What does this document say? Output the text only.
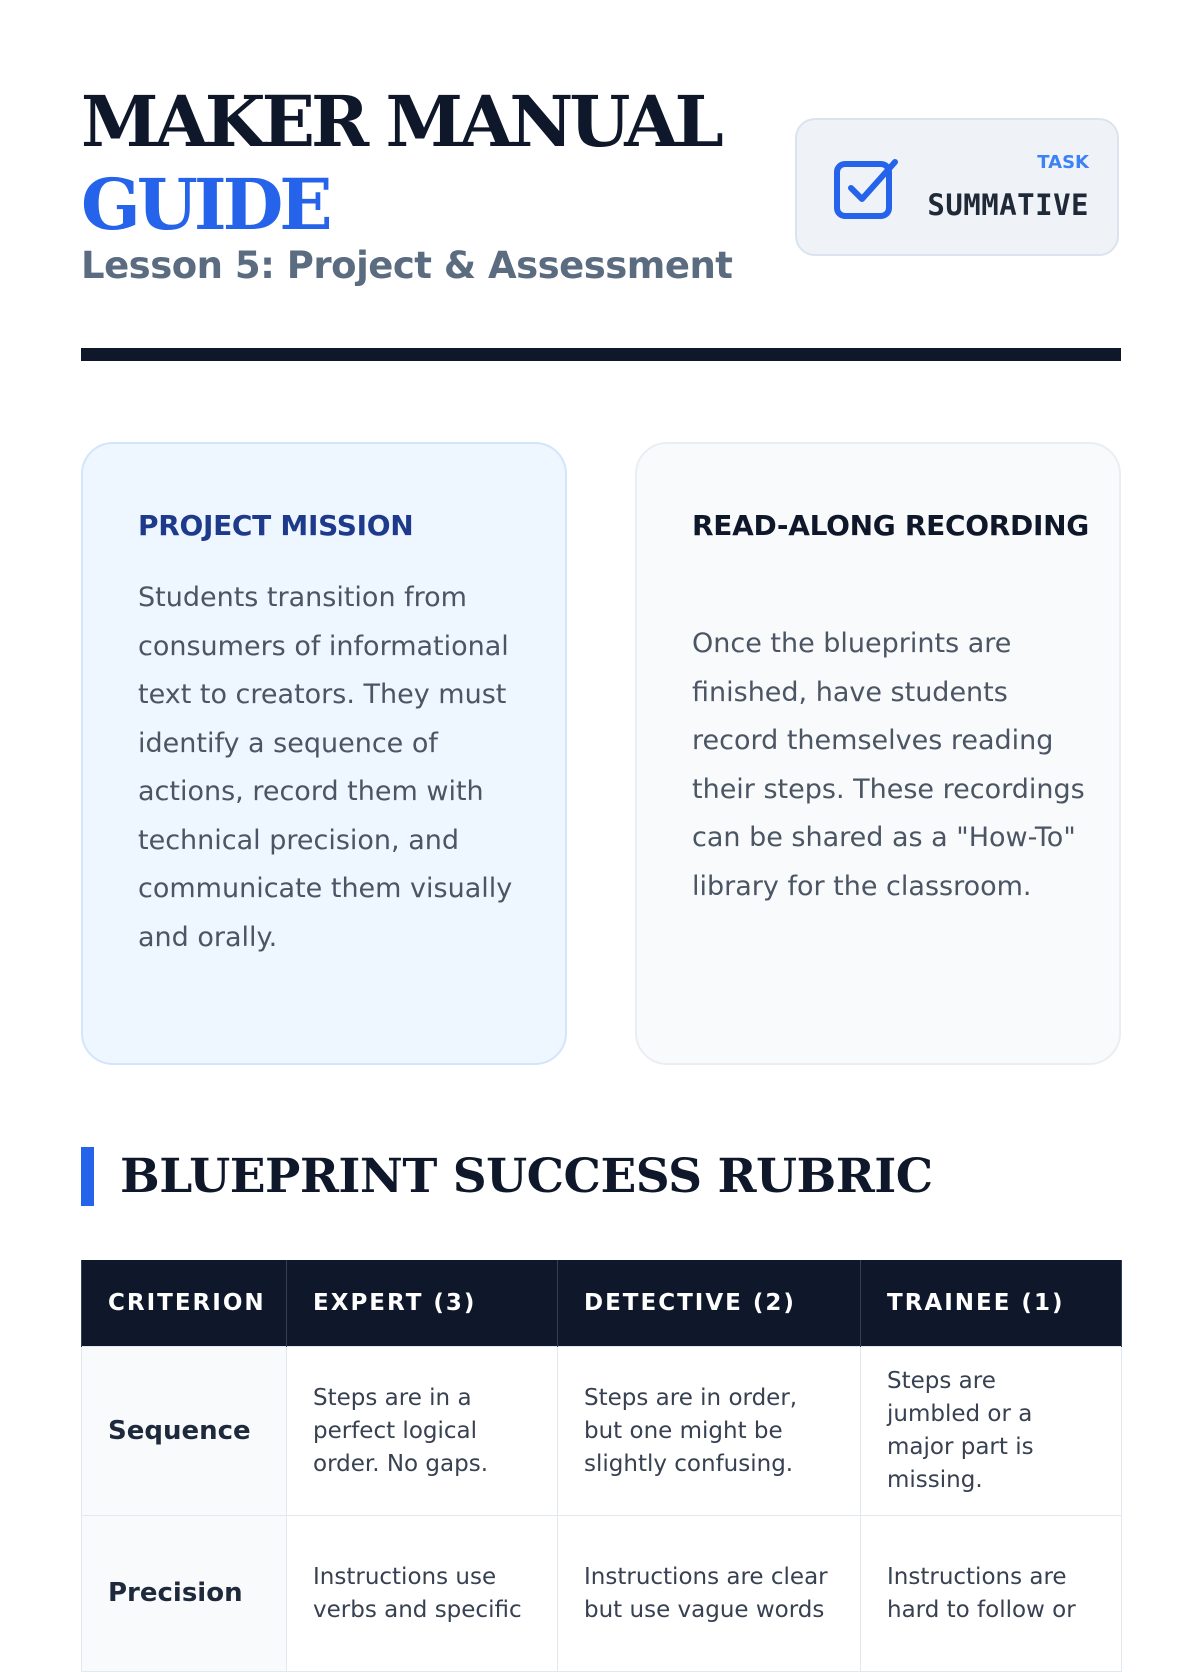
MAKER MANUAL
GUIDE
Lesson 5: Project & Assessment
TASK
SUMMATIVE
PROJECT MISSION
Students transition from consumers of informational text to creators. They must identify a sequence of actions, record them with technical precision, and communicate them visually and orally.
READ-ALONG RECORDING
Once the blueprints are finished, have students record themselves reading their steps. These recordings can be shared as a "How-To" library for the classroom.
BLUEPRINT SUCCESS RUBRIC
CRITERION	EXPERT (3)	DETECTIVE (2)	TRAINEE (1)
Sequence	Steps are in a perfect logical order. No gaps.	Steps are in order, but one might be slightly confusing.	Steps are jumbled or a major part is missing.
Precision	Instructions use verbs and specific	Instructions are clear but use vague words	Instructions are hard to follow or
